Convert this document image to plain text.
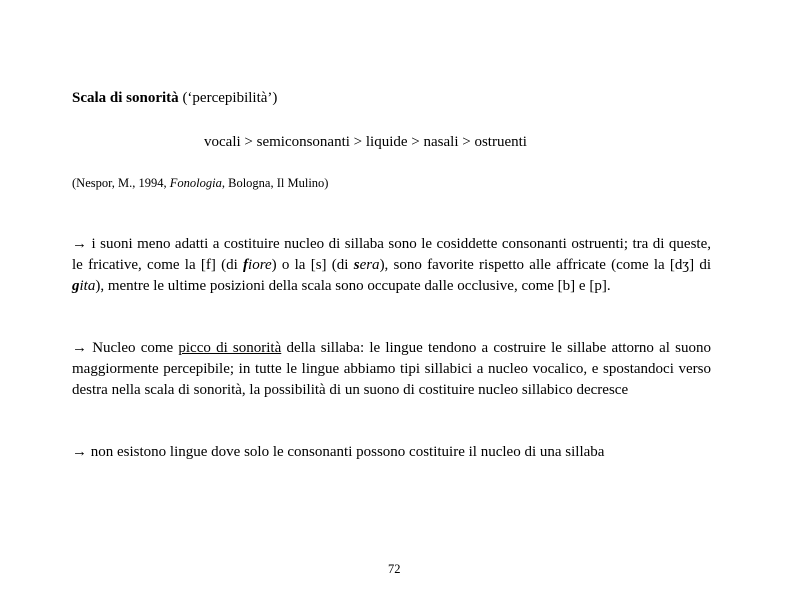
Scala di sonorità (‘percepibilità’)
vocali > semiconsonanti > liquide > nasali > ostruenti
(Nespor, M., 1994, Fonologia, Bologna, Il Mulino)
→ i suoni meno adatti a costituire nucleo di sillaba sono le cosiddette consonanti ostruenti; tra di queste, le fricative, come la [f] (di fiore) o la [s] (di sera), sono favorite rispetto alle affricate (come la [dʒ] di gita), mentre le ultime posizioni della scala sono occupate dalle occlusive, come [b] e [p].
→ Nucleo come picco di sonorità della sillaba: le lingue tendono a costruire le sillabe attorno al suono maggiormente percepibile; in tutte le lingue abbiamo tipi sillabici a nucleo vocalico, e spostandoci verso destra nella scala di sonorità, la possibilità di un suono di costituire nucleo sillabico decresce
→ non esistono lingue dove solo le consonanti possono costituire il nucleo di una sillaba
72
